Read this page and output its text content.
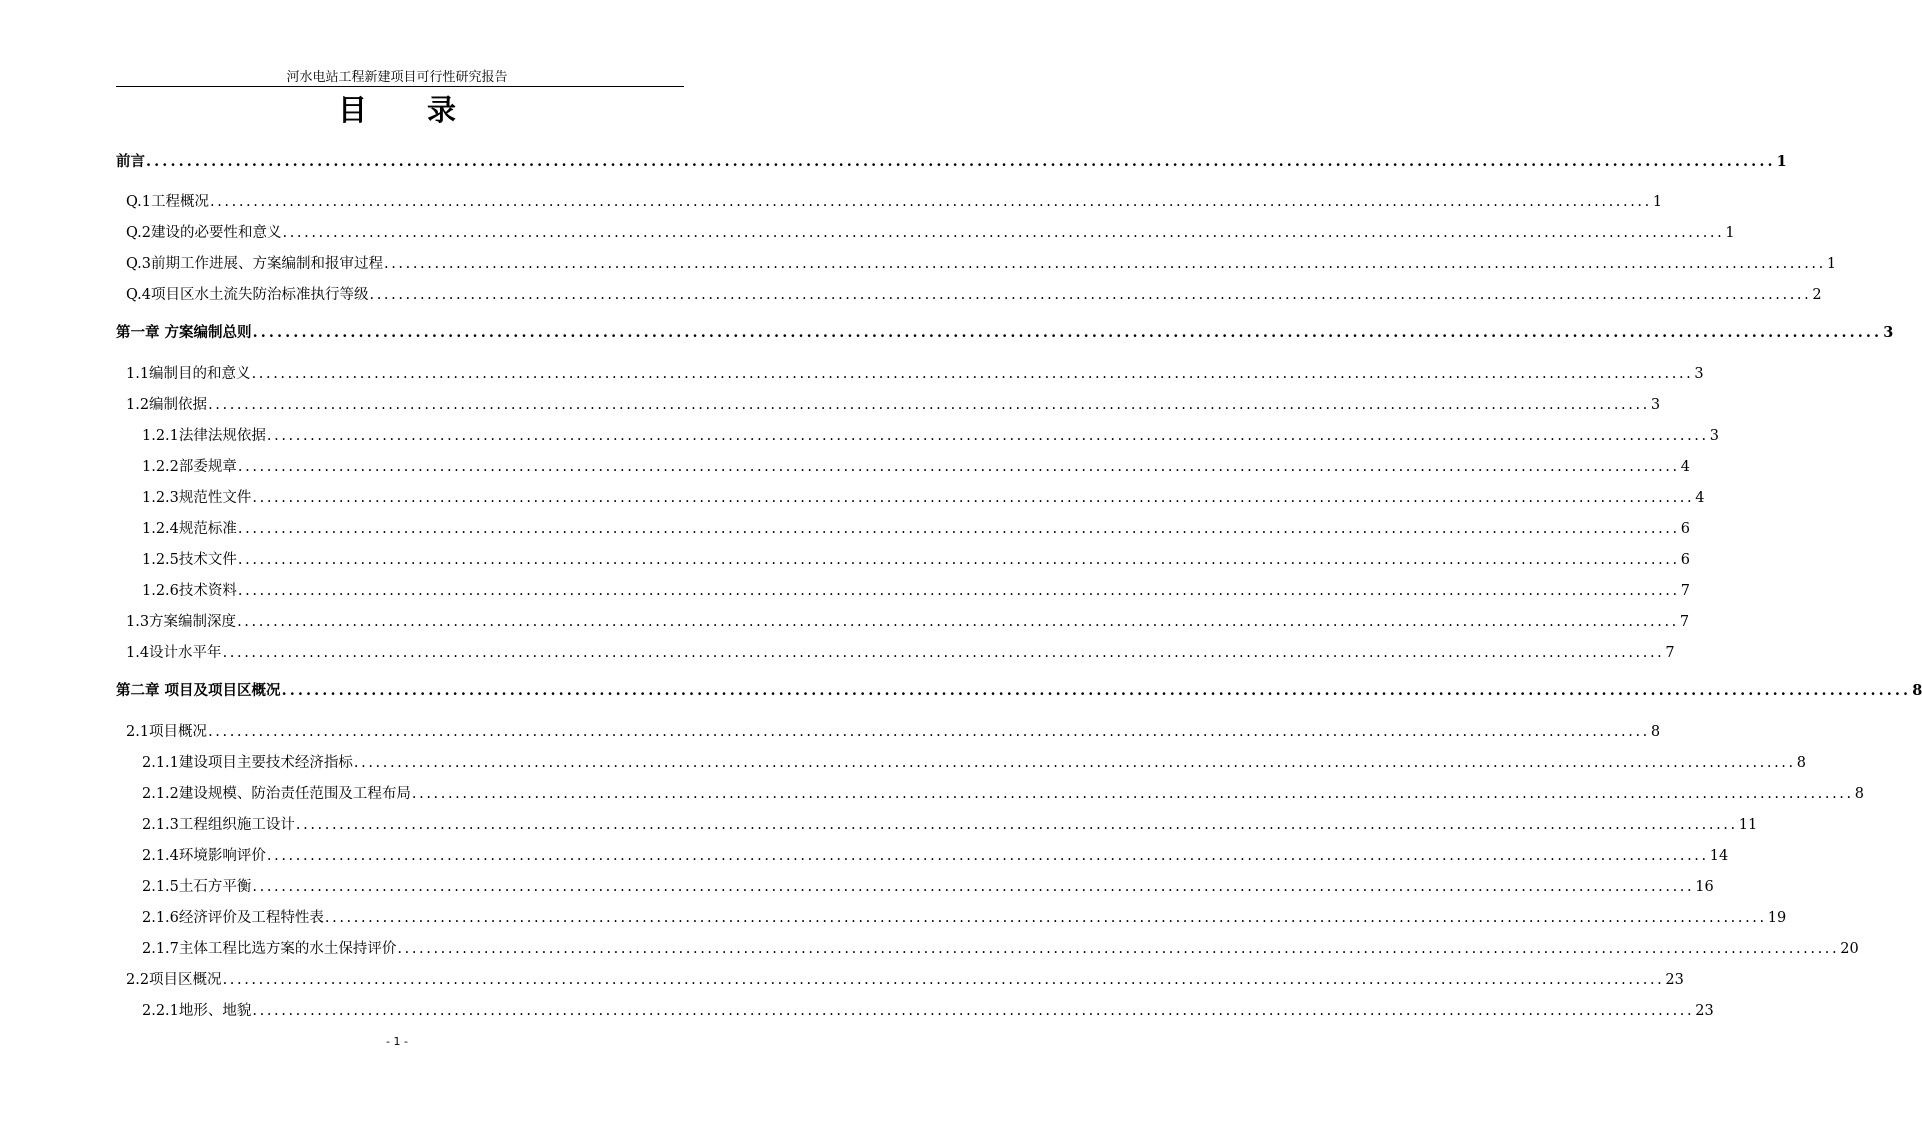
河水电站工程新建项目可行性研究报告
目录
前言 ........................................................................................................................................................................................................ 1
Q.1工程概况 ........................................................................................................................................................................................................ 1
Q.2建设的必要性和意义 ........................................................................................................................................................................................................ 1
Q.3前期工作进展、方案编制和报审过程 ........................................................................................................................................................................................................ 1
Q.4项目区水土流失防治标准执行等级 ........................................................................................................................................................................................................ 2
第一章 方案编制总则 ........................................................................................................................................................................................................ 3
1.1编制目的和意义 ........................................................................................................................................................................................................ 3
1.2编制依据 ........................................................................................................................................................................................................ 3
1.2.1法律法规依据 ........................................................................................................................................................................................................ 3
1.2.2部委规章 ........................................................................................................................................................................................................ 4
1.2.3规范性文件 ........................................................................................................................................................................................................ 4
1.2.4规范标准 ........................................................................................................................................................................................................ 6
1.2.5技术文件 ........................................................................................................................................................................................................ 6
1.2.6技术资料 ........................................................................................................................................................................................................ 7
1.3方案编制深度 ........................................................................................................................................................................................................ 7
1.4设计水平年 ........................................................................................................................................................................................................ 7
第二章 项目及项目区概况 ........................................................................................................................................................................................................ 8
2.1项目概况 ........................................................................................................................................................................................................ 8
2.1.1建设项目主要技术经济指标 ........................................................................................................................................................................................................ 8
2.1.2建设规模、防治责任范围及工程布局 ........................................................................................................................................................................................................ 8
2.1.3工程组织施工设计 ........................................................................................................................................................................................................ 11
2.1.4环境影响评价 ........................................................................................................................................................................................................ 14
2.1.5土石方平衡 ........................................................................................................................................................................................................ 16
2.1.6经济评价及工程特性表 ........................................................................................................................................................................................................ 19
2.1.7主体工程比选方案的水土保持评价 ........................................................................................................................................................................................................ 20
2.2项目区概况 ........................................................................................................................................................................................................ 23
2.2.1地形、地貌 ........................................................................................................................................................................................................ 23
- 1 -
